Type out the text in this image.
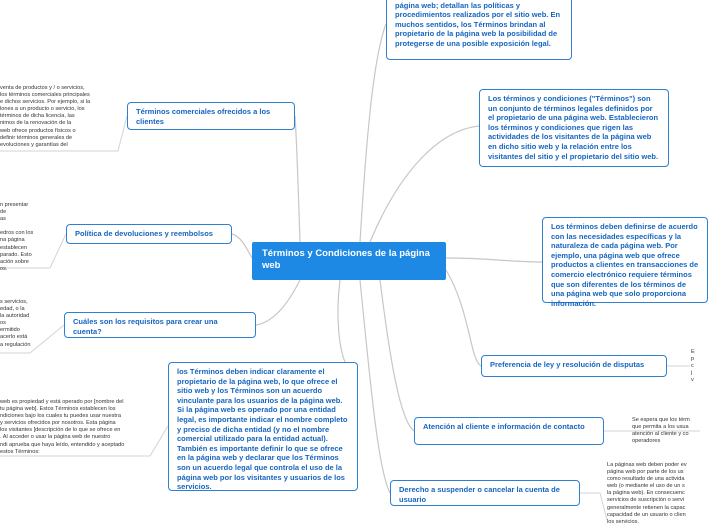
Términos y Condiciones de la página web
página web; detallan las políticas y procedimientos realizados por el sitio web. En muchos sentidos, los Términos brindan al propietario de la página web la posibilidad de protegerse de una posible exposición legal.
Los términos y condiciones ("Términos") son un conjunto de términos legales definidos por el propietario de una página web. Establecieron los términos y condiciones que rigen las actividades de los visitantes de la página web en dicho sitio web y la relación entre los visitantes del sitio y el propietario del sitio web.
Los términos deben definirse de acuerdo con las necesidades específicas y la naturaleza de cada página web. Por ejemplo, una página web que ofrece productos a clientes en transacciones de comercio electrónico requiere términos que son diferentes de los términos de una página web que solo proporciona información.
Preferencia de ley y resolución de disputas
Atención al cliente e información de contacto
Derecho a suspender o cancelar la cuenta de usuario
los Términos deben indicar claramente el propietario de la página web, lo que ofrece el sitio web y los Términos son un acuerdo vinculante para los usuarios de la página web. Si la página web es operado por una entidad legal, es importante indicar el nombre completo y preciso de dicha entidad (y no el nombre comercial utilizado para la entidad actual). También es importante definir lo que se ofrece en la página web y declarar que los Términos son un acuerdo legal que controla el uso de la página web por los visitantes y usuarios de los servicios.
Cuáles son los requisitos para crear una cuenta?
Política de devoluciones y reembolsos
Términos comerciales ofrecidos a los clientes
venta de productos y / o servicios,
los términos comerciales principales
e dichos servicios. Por ejemplo, si la
lones a un producto o servicio, los
términos de dicha licencia, las
nimos de la renovación de la
web ofrece productos físicos o
definir términos generales de
evoluciones y garantías del
n presentar
de
as

edros con los
na página
establecen
parado. Esto
ación sobre
os.
s servicios,
edad, o la
la autoridad
os
ermitido
acerlo está
a regulación
web es propiedad y está operado por [nombre del
tu página web]. Estos Términos establecen los
ndiciones bajo los cuales tu puedes usar nuestra
y servicios ofrecidos por nosotros. Esta página
los visitantes [descripción de lo que se ofrece en
. Al acceder o usar la página web de nuestro
ndi aprueba que haya leído, entendido y aceptado
estos Términos:
E
p
c
j
v
Se espera que los térm
que permita a los usua
atención al cliente y co
operadores
La páginas web deben poder ev
página web por parte de los us
como resultado de una activida
web (o mediante el uso de un s
la página web). En consecuenc
servicios de suscripción o servi
generalmente retienen la capac
capacidad de un usuario o clien
los servicios.
